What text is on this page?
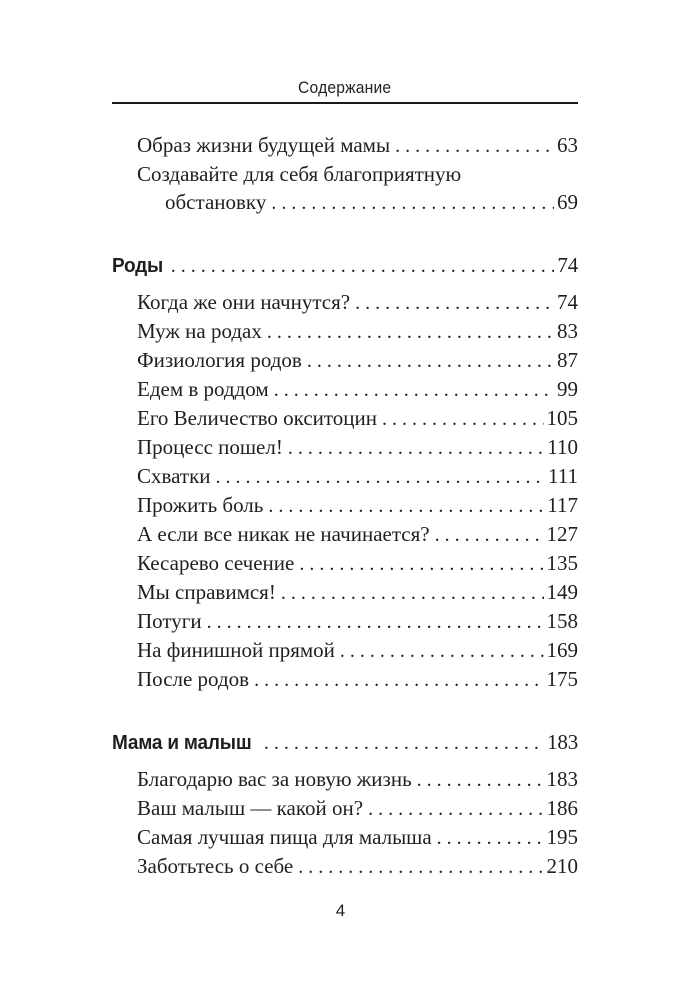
Содержание
Образ жизни будущей мамы .....	63
Создавайте для себя благоприятную
обстановку .....	69
Роды .....	74
Когда же они начнутся? .....	74
Муж на родах .....	83
Физиология родов .....	87
Едем в роддом .....	99
Его Величество окситоцин .....	105
Процесс пошел! .....	110
Схватки .....	111
Прожить боль .....	117
А если все никак не начинается? .....	127
Кесарево сечение .....	135
Мы справимся! .....	149
Потуги .....	158
На финишной прямой .....	169
После родов .....	175
Мама и малыш .....	183
Благодарю вас за новую жизнь .....	183
Ваш малыш — какой он? .....	186
Самая лучшая пища для малыша .....	195
Заботьтесь о себе .....	210
4
